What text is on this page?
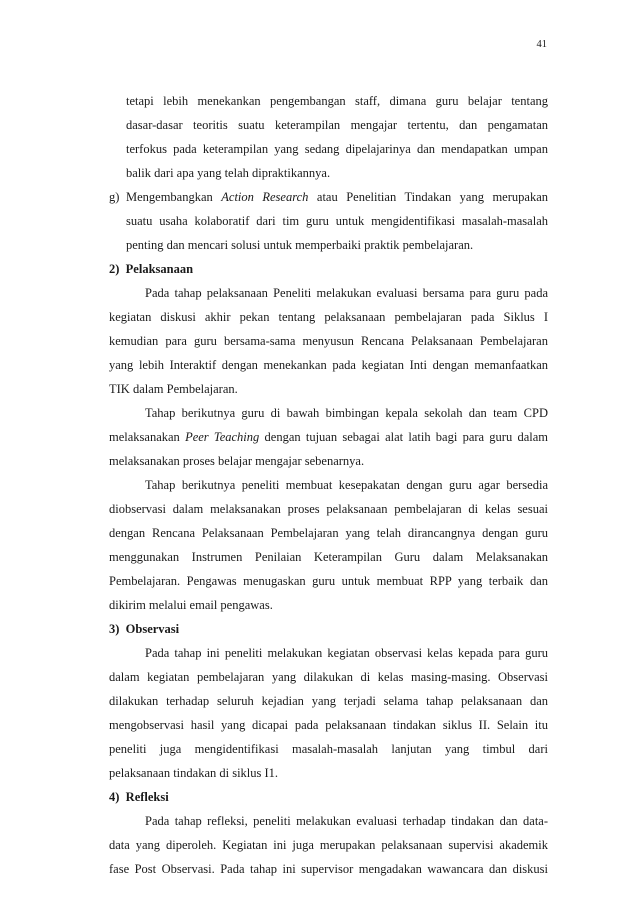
41
tetapi lebih menekankan pengembangan staff, dimana guru belajar tentang
dasar-dasar teoritis suatu keterampilan mengajar tertentu, dan pengamatan
terfokus pada keterampilan yang sedang dipelajarinya dan mendapatkan umpan
balik dari apa yang telah dipraktikannya.
g) Mengembangkan Action Research atau Penelitian Tindakan yang merupakan
suatu usaha kolaboratif dari tim guru untuk mengidentifikasi masalah-masalah
penting dan mencari solusi untuk memperbaiki praktik pembelajaran.
2)  Pelaksanaan
Pada tahap pelaksanaan Peneliti melakukan evaluasi bersama para guru pada
kegiatan diskusi akhir pekan tentang pelaksanaan pembelajaran pada Siklus I
kemudian para guru bersama-sama menyusun Rencana Pelaksanaan Pembelajaran
yang lebih Interaktif dengan menekankan pada kegiatan Inti dengan memanfaatkan
TIK dalam Pembelajaran.
Tahap berikutnya guru di bawah bimbingan kepala sekolah dan team CPD
melaksanakan Peer Teaching dengan tujuan sebagai alat latih bagi para guru dalam
melaksanakan proses belajar mengajar sebenarnya.
Tahap berikutnya peneliti membuat kesepakatan dengan guru agar bersedia
diobservasi dalam melaksanakan proses pelaksanaan pembelajaran di kelas sesuai
dengan Rencana Pelaksanaan Pembelajaran yang telah dirancangnya dengan guru
menggunakan Instrumen Penilaian Keterampilan Guru dalam Melaksanakan
Pembelajaran. Pengawas menugaskan guru untuk membuat RPP yang terbaik dan
dikirim melalui email pengawas.
3)  Observasi
Pada tahap ini peneliti melakukan kegiatan observasi kelas kepada para guru
dalam kegiatan pembelajaran yang dilakukan di kelas masing-masing. Observasi
dilakukan terhadap seluruh kejadian yang terjadi selama tahap pelaksanaan dan
mengobservasi hasil yang dicapai pada pelaksanaan tindakan siklus II. Selain itu
peneliti juga mengidentifikasi masalah-masalah lanjutan yang timbul dari
pelaksanaan tindakan di siklus I1.
4)  Refleksi
Pada tahap refleksi, peneliti melakukan evaluasi terhadap tindakan dan data-
data yang diperoleh. Kegiatan ini juga merupakan pelaksanaan supervisi akademik
fase Post Observasi. Pada tahap ini supervisor mengadakan wawancara dan diskusi
